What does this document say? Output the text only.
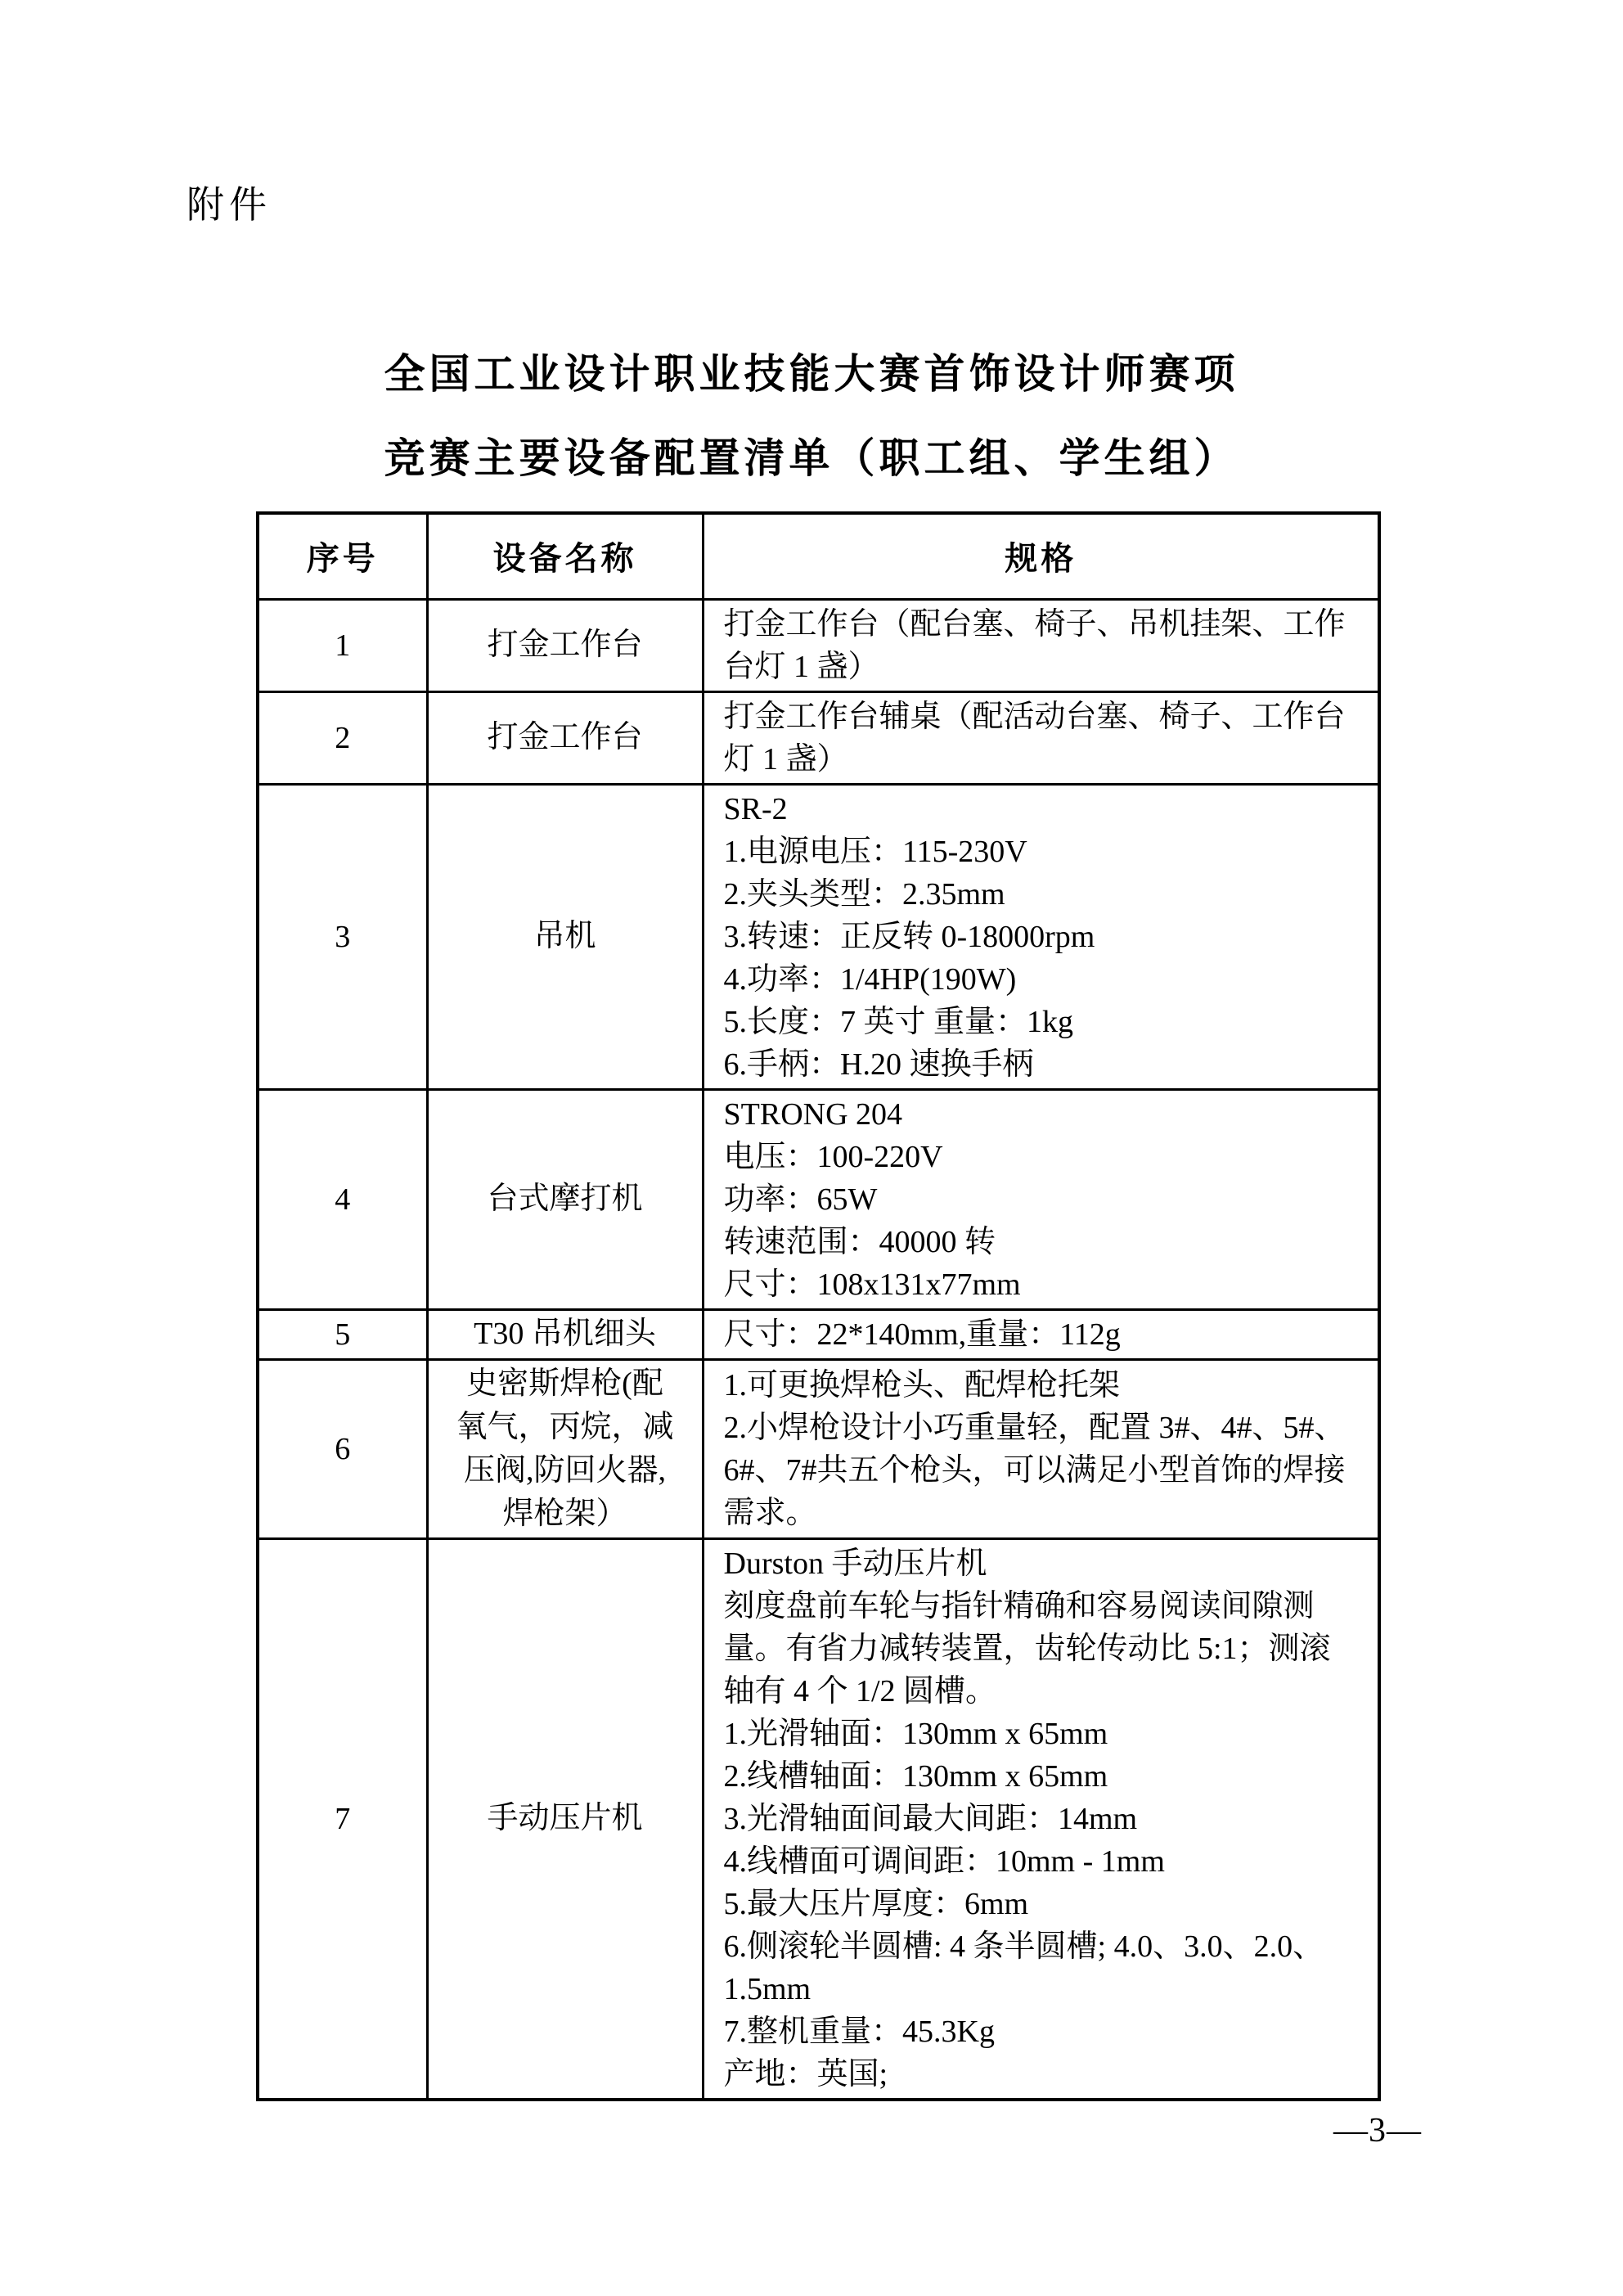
附件
全国工业设计职业技能大赛首饰设计师赛项
竞赛主要设备配置清单（职工组、学生组）
序号	设备名称	规格
1	打金工作台	打金工作台（配台塞、椅子、吊机挂架、工作台灯 1 盏）

2	打金工作台	打金工作台辅桌（配活动台塞、椅子、工作台灯 1 盏）

3	吊机	
SR-2
1.电源电压：115-230V
2.夹头类型：2.35mm
3.转速：正反转 0-18000rpm
4.功率：1/4HP(190W)
5.长度：7 英寸 重量：1kg
6.手柄：H.20 速换手柄

4	台式摩打机	STRONG 204
电压：100-220V
功率：65W
转速范围：40000 转
尺寸：108x131x77mm

5	T30 吊机细头	尺寸：22*140mm,重量：112g

6	史密斯焊枪(配氧气，丙烷，减压阀,防回火器,焊枪架）	1.可更换焊枪头、配焊枪托架
2.小焊枪设计小巧重量轻，配置 3#、4#、5#、6#、7#共五个枪头，可以满足小型首饰的焊接需求。

7	手动压片机	
Durston 手动压片机
刻度盘前车轮与指针精确和容易阅读间隙测量。有省力减转装置，齿轮传动比 5:1；测滚轴有 4 个 1/2 圆槽。
1.光滑轴面：130mm x 65mm
2.线槽轴面：130mm x 65mm
3.光滑轴面间最大间距：14mm
4.线槽面可调间距：10mm - 1mm
5.最大压片厚度：6mm
6.侧滚轮半圆槽: 4 条半圆槽; 4.0、3.0、2.0、1.5mm
7.整机重量：45.3Kg
产地：英国;
—3—
